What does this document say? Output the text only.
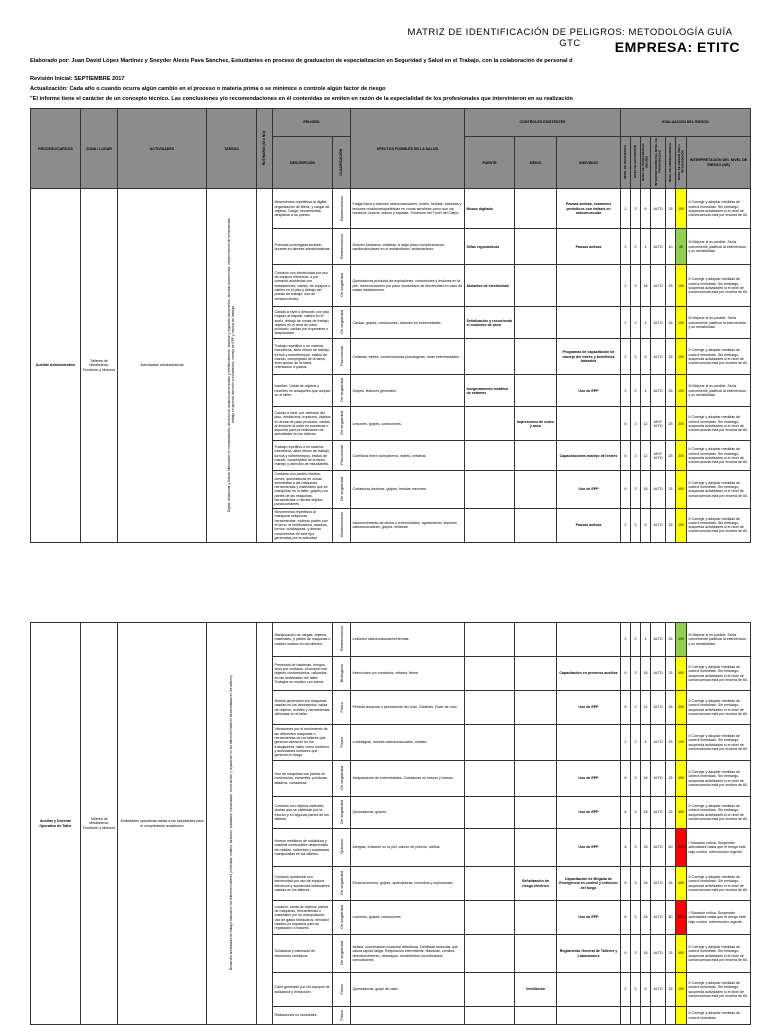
MATRIZ DE IDENTIFICACIÓN DE PELIGROS: METODOLOGÍA GUÍA GTC	EMPRESA: ETITC
Elaborado por: Juan David López Martínez y Sneyder Alexis Pava Sánchez, Estudiantes en proceso de graduacion de especializacion en Seguridad y Salud en el Trabajo, con la colaboración de personal d
Revisión Inicial: SEPTIEMBRE 2017
Actualización: Cada año o cuando ocurra algún cambio en el proceso o materia prima o se minimice o controle algún factor de riesgo
"El informe tiene el carácter de un concepto técnico. Las conclusiones y/o recomendaciones en él contenidas se emiten en razón de la especialidad de los profesionales que intervinieron en su realización
PROCESO/CARGOS	ZONA / LUGAR	ACTIVIDADES	TAREAS	RUTINARIO (SI o NO)	PELIGRO		EFECTOS POSIBLES EN LA SALUD	CONTROLES EXISTENTES			EVALUACIÓN DEL RIESGO						
					DESCRIPCIÓN	CLASIFICACIÓN		FUENTE	MEDIO	INDIVIDUO	NIVEL DE DEFICIENCIA	NIVEL DE EXPOSICIÓN	NIVEL DE PROBABILIDAD (NDxNE)	INTERPRETACIÓN DEL NIVEL DE PROBABILIDAD	NIVEL DE CONSECUENCIA	NIVEL DE RIESGO (NR) e INTERVENCIÓN	INTERPRETACIÓN DEL NIVEL DE RIESGO (NR)
Auxiliar Administrativo	Talleres de Metalisteria, Fundición y Motores	Actividades administrativas	Digitar, almacenar y buscar información en computadores, atención de usuarios presenciales y telefónicamente, elaborar y organizar documentos, archivar documentos, mantenimiento de herramientas, trabajo en general, atención a estudiantes, manejo de EPP y manejo de bodega		Movimientos repetitivos al digitar, organización de libros, y cargar de objetos. Carga, herramientas, desplazar a su puesto.	Biomecánicos	Fatiga física y lesiones osteomusculares, cortes, heridas, fracturas y lesiones musculoesqueléticas en zonas sensibles como son los hombros, brazos, manos y espalda. Síndrome del Túnel del Carpo.	Mouse digitado		Pausas activas, exámenes periódicos con énfasis en osteomuscular	2	3	6	ALTO	25	150	II Corregir y adoptar medidas de control inmediato. Sin embargo, suspenda actividades si el nivel de consecuencia está por encima de 60.
					Posturas prolongada sentado durante en labores administrativas.	Biomecánicos	Dolores lumbares, cefaleas, a largo plazo complicaciones cardiovasculares en el metabolismo, sedentarismo.	Sillas ergonómicas		Pausas activas	2	2	4	ALTO	10	40	III Mejorar si es posible. Sería conveniente justificar la intervención y su rentabilidad.
					Contacto con electricidad por uso de equipos eléctricos, o por contacto accidental con instalaciones, cables, de equipos o cables en el piso y debajo del puesto de trabajo, uso de tomacorrientes.	De seguridad	Quemaduras producto de explosiones, contusiones y lesiones en la piel, electrocuciones por paso involuntario de electricidad en caso de malas instalaciones.	Aislantes de electricidad			2	3	18	ALTO	25	150	II Corregir y adoptar medidas de control inmediato. Sin embargo, suspenda actividades si el nivel de consecuencia está por encima de 60.
					Caídas a nivel o desnivel: por piso mojado al trapear, cables en el suelo, debajo de zonas de trabajo, objetos en el área de paso producto, caídas por tropezarse o desplazarse.	De seguridad	Caídas, golpes, contusiones, lesiones en extremidades.	Señalización y recorriendo el momento de aseo			2	2	4	ALTO	25	100	III Mejorar si es posible. Sería conveniente justificar la intervención y su rentabilidad.
					Trabajo repetitivo o en cadena, monotonía, altos ritmos de trabajo, turnos y sobretiempos, estilos de mando, complejidad de la tarea, interrupción de la tarea, orientación a plazos.	Psicosocial	Cefaleas, estrés, consecuencias psicológicas, otras enfermedades.			Programas de capacitación de manejo del estrés y beneficios laborales	2	3	6	ALTO	25	150	II Corregir y adoptar medidas de control inmediato. Sin embargo, suspenda actividades si el nivel de consecuencia está por encima de 60.
					Ioseñas: Caída de objetos y muebles en anaqueles que ocupan en el taller.	De seguridad	Golpes, lesiones generales.	Aseguramiento metálico de estantes		Uso de EPP	2	2	4	ALTO	25	100	III Mejorar si es posible. Sería conveniente justificar la intervención y su rentabilidad.
					Caídas a nivel: por defectos del piso, obstáculos, tropiezos, objetos en áreas de paso producto, caídas al desnivel al subir en escaleras o soportes para la realización de actividades en los talleres.	De seguridad	Lesiones, golpes, contusiones.		Impresiones de orden y aseo		6	2	12	MUY ALTO	25	300	II Corregir y adoptar medidas de control inmediato. Sin embargo, suspenda actividades si el nivel de consecuencia está por encima de 60.
					Trabajo repetitivo o en cadena, monotonía, altos ritmos de trabajo, turnos y sobretiempos, estilos de mando, complejidad de la tarea, manejo y atención de estudiantes.	Psicosocial	Conflictos entre compañeros, estrés, cefaleas.			Capacitaciones manejo del estrés	6	2	12	MUY ALTO	25	300	II Corregir y adoptar medidas de control inmediato. Sin embargo, suspenda actividades si el nivel de consecuencia está por encima de 60.
					Contacto con partes móviles, cortes, quemaduras en zonas inmediatas a las máquinas, herramientas y materiales que se manipulan en el taller, golpes con partes de las máquinas, herramientas o demás objetos punzocortantes.	De seguridad	Cortaduras lesiones, golpes, heridas menores.			Uso de EPP	6	3	18	ALTO	25	450	II Corregir y adoptar medidas de control inmediato. Sin embargo, suspenda actividades si el nivel de consecuencia está por encima de 60.
					Movimientos repetitivos al manipular máquinas, herramientas, molinos partes con el torno, la rectificadora, taladros, tornos, cizalladoras, y demás movimientos de este tipo generados por la actividad.	Biomecánicos	Adormecimiento de dedos o extremidades, agotamiento, lesiones osteomusculares, golpes, cefaleas.			Pausas activas	2	3	6	ALTO	25	150	II Corregir y adoptar medidas de control inmediato. Sin embargo, suspenda actividades si el nivel de consecuencia está por encima de 60.
Auxiliar y Docente Operativo de Taller	Talleres de Metalistería, Fundición y Motores	Actividades operativas dadas a los estudiantes para el cumplimiento académico	Desarrollo actividades de trabajo manual en los diferentes talleres (mezclado, moldeo, fundición, soldadura, mecanizado, construcción y reparación en los diferentes talleres desarrolladas en los talleres)		Manipulación de cargas, objetos, materiales, y partes de máquinas o moldes usados en los talleres.	Biomecánicos	Lesiones osteomusculares/Hernias.				2	2	4	ALTO	25	100	III Mejorar si es posible. Sería conveniente justificar la intervención y su rentabilidad.
					Presencia de bacterias, hongos, virus por contacto, chocando con objetos contaminados, utilizados en las actividades del taller. Trabajos en medios con arena.	Biológicos	Infecciones por contactos, cefalea, fiebre.			Capacitación en primeros auxilios	6	3	18	ALTO	25	450	II Corregir y adoptar medidas de control inmediato. Sin embargo, suspenda actividades si el nivel de consecuencia está por encima de 60.
					Ruidos generados por máquinas usadas en los laboratorios, caída de objetos, moldes y herramientas utilizadas en el taller.	Físico	Pérdida temporal o permanente del oído. Cefaleas. Dolor de oído.			Uso de EPP	6	2	12	ALTO	25	300	II Corregir y adoptar medidas de control inmediato. Sin embargo, suspenda actividades si el nivel de consecuencia está por encima de 60.
					Vibraciones por el movimiento de las diferentes máquinas o herramientas de los talleres que generan vibración en los trabajadores, tales como morteros y actividades similares que generan el riesgo.	Físico	Lumbalgias, dolores osteomusculares, cefalea.				2	2	4	ALTO	25	100	II Corregir y adoptar medidas de control inmediato. Sin embargo, suspenda actividades si el nivel de consecuencia está por encima de 60.
					Uso de máquinas con partes en movimiento, esmeriles, pulidoras, taladros, cortadoras.	De seguridad	Atrapamiento de extremidades. Cortaduras en brazos y manos.			Uso de EPP	6	3	18	ALTO	25	450	II Corregir y adoptar medidas de control inmediato. Sin embargo, suspenda actividades si el nivel de consecuencia está por encima de 60.
					Contacto con objetos calientes, virutas que se calientan por la fricción y en algunas partes de los talleres.	De seguridad	Quemaduras, golpes.			Uso de EPP	6	3	18	ALTO	25	450	II Corregir y adoptar medidas de control inmediato. Sin embargo, suspenda actividades si el nivel de consecuencia está por encima de 60.
					Humos metálicos de soldadura y material combustible desprendido de moldes, solventes y sustancias manipuladas en los talleres.	Químico	Alergias, Irritación en la piel, cáncer de pulmón, asfixia.			Uso de EPP	6	3	18	ALTO	60	1080	I Situación crítica. Suspender actividades hasta que el riesgo esté bajo control. Intervención urgente.
					Contacto accidental con electricidad por uso de equipos eléctricos y sustancias inflamables usadas en los talleres.	De seguridad	Electrocuciones, golpes, quemaduras, incendios y explosiones.		Señalización de riesgo eléctrico	Capacitación de Brigada de Emergencia en control y extinción del fuego	6	3	18	ALTO	25	450	II Corregir y adoptar medidas de control inmediato. Sin embargo, suspenda actividades si el nivel de consecuencia está por encima de 60.
					Locativo: caída de objetos, partes de máquinas, herramientas o materiales por su manipulación, uso de gatos hidráulicos, elevador usados en espacios para su reparación o motores.	De seguridad	Lesiones, golpes, contusiones.			Uso de EPP	6	3	18	ALTO	60	1080	I Situación crítica. Suspender actividades hasta que el riesgo esté bajo control. Intervención urgente.
					Soldadura y calcinado de elementos metálicos.	De seguridad	Asfixia, coordinación muscular dificultosa. Debilidad muscular que causa rápida fatiga. Respiración intermitente. Náuseas, vómitos, desvanecimiento, desmayos, movimientos incontrolados, convulsiones.			Reglamento General de Talleres y Laboratorios	6	3	18	ALTO	25	450	II Corregir y adoptar medidas de control inmediato. Sin embargo, suspenda actividades si el nivel de consecuencia está por encima de 60.
					Calor generado por los equipos de soldadura y extracción.	Físico	Quemaduras, golpe de calor.		Ventilación		2	3	6	ALTO	25	150	II Corregir y adoptar medidas de control inmediato. Sin embargo, suspenda actividades si el nivel de consecuencia está por encima de 60.
					Radiaciones no ionizantes.	Físico											II Corregir y adoptar medidas de control inmediato.
